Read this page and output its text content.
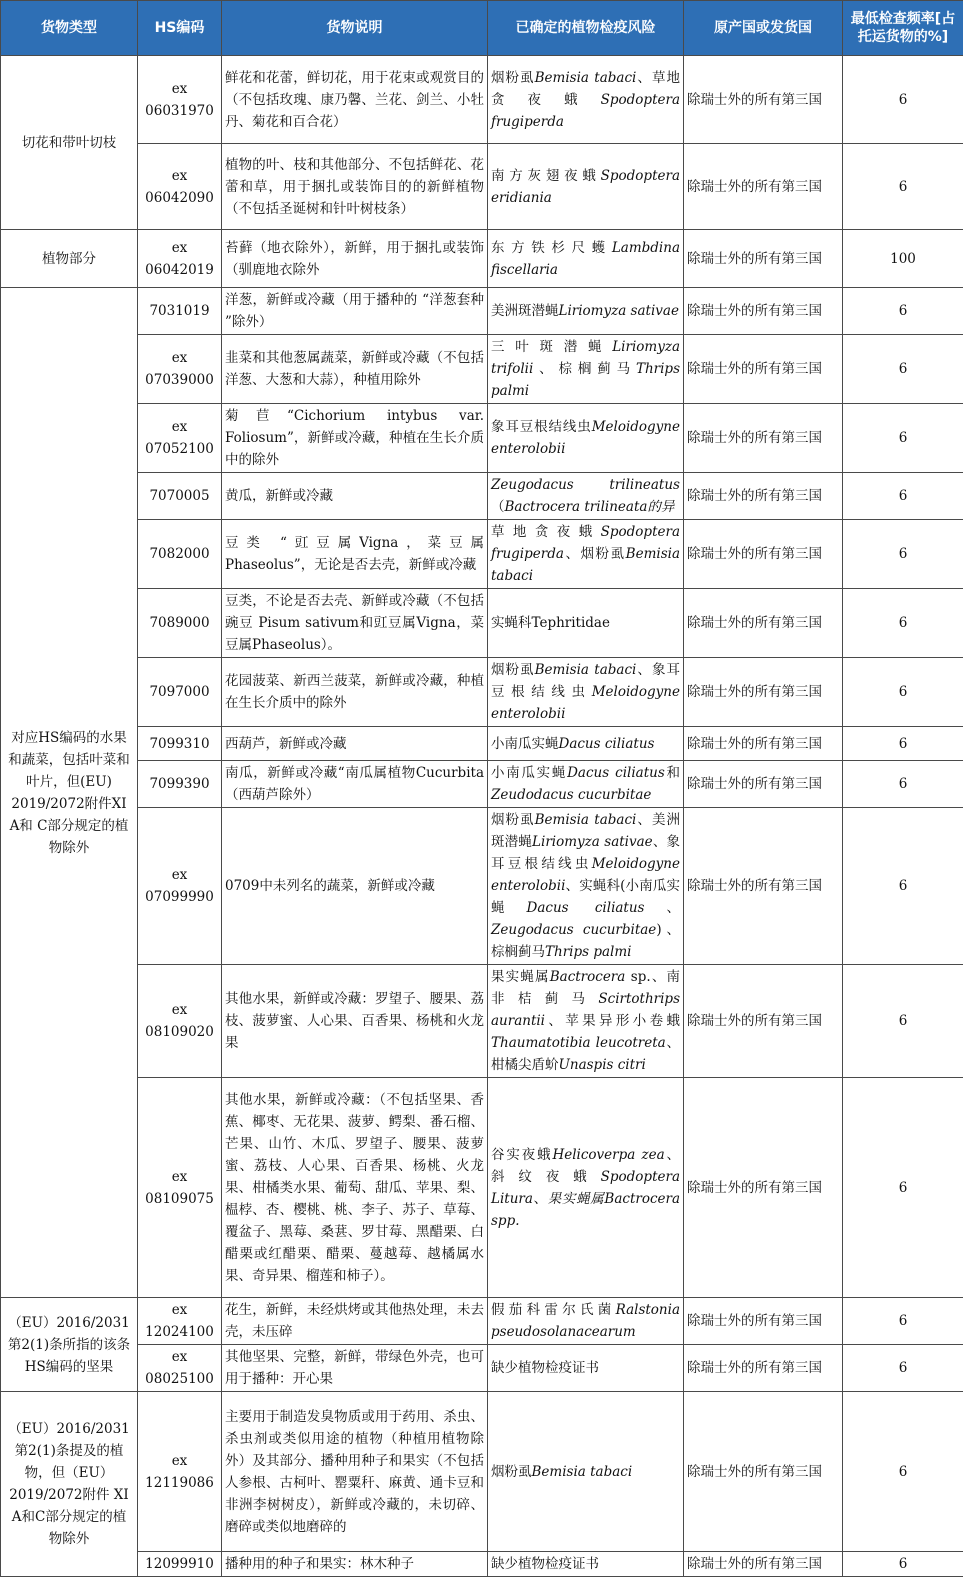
货物类型	HS编码	货物说明	已确定的植物检疫风险	原产国或发货国	最低检查频率[占托运货物的%]
切花和带叶切枝	ex 06031970	鲜花和花蕾，鲜切花，用于花束或观赏目的（不包括玫瑰、康乃馨、兰花、剑兰、小牡丹、菊花和百合花）	烟粉虱Bemisia tabaci、草地贪夜蛾Spodoptera frugiperda	除瑞士外的所有第三国	6
	ex 06042090	植物的叶、枝和其他部分、不包括鲜花、花蕾和草，用于捆扎或装饰目的的新鲜植物（不包括圣诞树和针叶树枝条）	南方灰翅夜蛾Spodoptera eridiania	除瑞士外的所有第三国	6
植物部分	ex 06042019	苔藓（地衣除外），新鲜，用于捆扎或装饰（驯鹿地衣除外	东方铁杉尺蠖Lambdina fiscellaria	除瑞士外的所有第三国	100
对应HS编码的水果和蔬菜，包括叶菜和叶片，但(EU) 2019/2072附件XI A和 C部分规定的植物除外	7031019	洋葱，新鲜或冷藏（用于播种的 “洋葱套种 ”除外）	美洲斑潜蝇Liriomyza sativae	除瑞士外的所有第三国	6
	ex 07039000	韭菜和其他葱属蔬菜，新鲜或冷藏（不包括洋葱、大葱和大蒜），种植用除外	三叶斑潜蝇Liriomyza trifolii、棕榈蓟马Thrips palmi	除瑞士外的所有第三国	6
	ex 07052100	菊苣“Cichorium intybus var. Foliosum”，新鲜或冷藏，种植在生长介质中的除外	象耳豆根结线虫Meloidogyne enterolobii	除瑞士外的所有第三国	6
	7070005	黄瓜，新鲜或冷藏	Zeugodacus trilineatus（Bactrocera trilineata的异	除瑞士外的所有第三国	6
	7082000	豆类 “豇豆属Vigna，菜豆属Phaseolus”，无论是否去壳，新鲜或冷藏	草地贪夜蛾Spodoptera frugiperda、烟粉虱Bemisia tabaci	除瑞士外的所有第三国	6
	7089000	豆类，不论是否去壳、新鲜或冷藏（不包括豌豆 Pisum sativum和豇豆属Vigna，菜豆属Phaseolus）。	实蝇科Tephritidae	除瑞士外的所有第三国	6
	7097000	花园菠菜、新西兰菠菜，新鲜或冷藏，种植在生长介质中的除外	烟粉虱Bemisia tabaci、象耳豆根结线虫Meloidogyne enterolobii	除瑞士外的所有第三国	6
	7099310	西葫芦，新鲜或冷藏	小南瓜实蝇Dacus ciliatus	除瑞士外的所有第三国	6
	7099390	南瓜，新鲜或冷藏“南瓜属植物Cucurbita（西葫芦除外）	小南瓜实蝇Dacus ciliatus和Zeudodacus cucurbitae	除瑞士外的所有第三国	6
	ex 07099990	0709中未列名的蔬菜，新鲜或冷藏	烟粉虱Bemisia tabaci、美洲斑潜蝇Liriomyza sativae、象耳豆根结线虫Meloidogyne enterolobii、实蝇科(小南瓜实蝇Dacus ciliatus、Zeugodacus cucurbitae)、棕榈蓟马Thrips palmi	除瑞士外的所有第三国	6
	ex 08109020	其他水果，新鲜或冷藏：罗望子、腰果、荔枝、菠萝蜜、人心果、百香果、杨桃和火龙果	果实蝇属Bactrocera sp.、南非桔蓟马Scirtothrips aurantii、苹果异形小卷蛾Thaumatotibia leucotreta、柑橘尖盾蚧Unaspis citri	除瑞士外的所有第三国	6
	ex 08109075	其他水果，新鲜或冷藏：（不包括坚果、香蕉、椰枣、无花果、菠萝、鳄梨、番石榴、芒果、山竹、木瓜、罗望子、腰果、菠萝蜜、荔枝、人心果、百香果、杨桃、火龙果、柑橘类水果、葡萄、甜瓜、苹果、梨、榅桲、杏、樱桃、桃、李子、苏子、草莓、覆盆子、黑莓、桑葚、罗甘莓、黑醋栗、白醋栗或红醋栗、醋栗、蔓越莓、越橘属水果、奇异果、榴莲和柿子）。	谷实夜蛾Helicoverpa zea、斜纹夜蛾Spodoptera Litura、果实蝇属Bactrocera spp.	除瑞士外的所有第三国	6
（EU）2016/2031第2(1)条所指的该条HS编码的坚果	ex 12024100	花生，新鲜，未经烘烤或其他热处理，未去壳，未压碎	假茄科雷尔氏菌Ralstonia pseudosolanacearum	除瑞士外的所有第三国	6
	ex 08025100	其他坚果、完整，新鲜，带绿色外壳，也可用于播种：开心果	缺少植物检疫证书	除瑞士外的所有第三国	6
（EU）2016/2031第2(1)条提及的植物，但（EU）2019/2072附件 XI A和C部分规定的植物除外	ex 12119086	主要用于制造发臭物质或用于药用、杀虫、杀虫剂或类似用途的植物（种植用植物除外）及其部分、播种用种子和果实（不包括人参根、古柯叶、罂粟秆、麻黄、通卡豆和非洲李树树皮），新鲜或冷藏的，未切碎、磨碎或类似地磨碎的	烟粉虱Bemisia tabaci	除瑞士外的所有第三国	6
	12099910	播种用的种子和果实：林木种子	缺少植物检疫证书	除瑞士外的所有第三国	6
